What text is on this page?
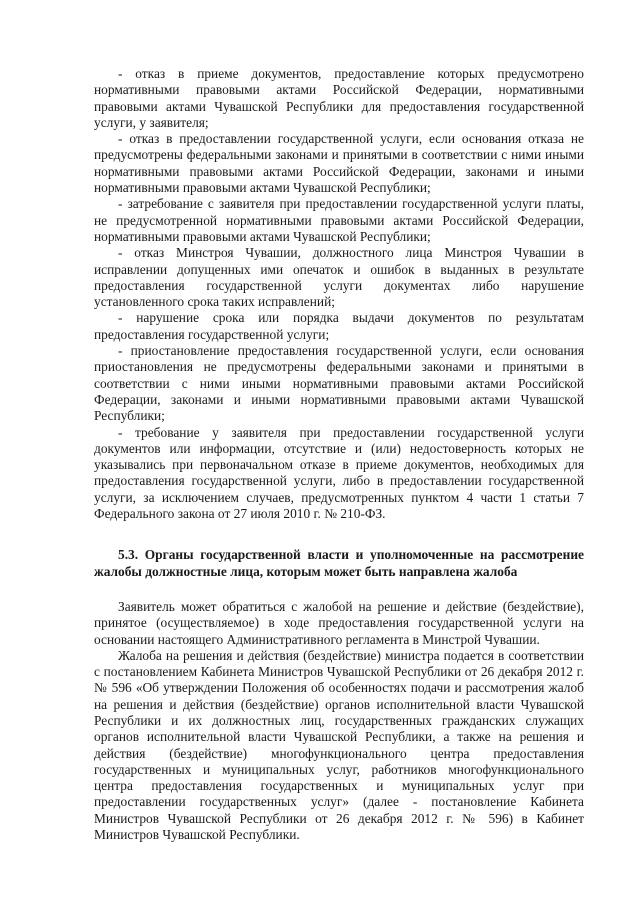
- отказ в приеме документов, предоставление которых предусмотрено нормативными правовыми актами Российской Федерации, нормативными правовыми актами Чувашской Республики для предоставления государственной услуги, у заявителя;

- отказ в предоставлении государственной услуги, если основания отказа не предусмотрены федеральными законами и принятыми в соответствии с ними иными нормативными правовыми актами Российской Федерации, законами и иными нормативными правовыми актами Чувашской Республики;

- затребование с заявителя при предоставлении государственной услуги платы, не предусмотренной нормативными правовыми актами Российской Федерации, нормативными правовыми актами Чувашской Республики;

- отказ Минстроя Чувашии, должностного лица Минстроя Чувашии в исправлении допущенных ими опечаток и ошибок в выданных в результате предоставления государственной услуги документах либо нарушение установленного срока таких исправлений;

- нарушение срока или порядка выдачи документов по результатам предоставления государственной услуги;

- приостановление предоставления государственной услуги, если основания приостановления не предусмотрены федеральными законами и принятыми в соответствии с ними иными нормативными правовыми актами Российской Федерации, законами и иными нормативными правовыми актами Чувашской Республики;

- требование у заявителя при предоставлении государственной услуги документов или информации, отсутствие и (или) недостоверность которых не указывались при первоначальном отказе в приеме документов, необходимых для предоставления государственной услуги, либо в предоставлении государственной услуги, за исключением случаев, предусмотренных пунктом 4 части 1 статьи 7 Федерального закона от 27 июля 2010 г. № 210-ФЗ.

5.3. Органы государственной власти и уполномоченные на рассмотрение жалобы должностные лица, которым может быть направлена жалоба

Заявитель может обратиться с жалобой на решение и действие (бездействие), принятое (осуществляемое) в ходе предоставления государственной услуги на основании настоящего Административного регламента в Минстрой Чувашии.

Жалоба на решения и действия (бездействие) министра подается в соответствии с постановлением Кабинета Министров Чувашской Республики от 26 декабря 2012 г. № 596 «Об утверждении Положения об особенностях подачи и рассмотрения жалоб на решения и действия (бездействие) органов исполнительной власти Чувашской Республики и их должностных лиц, государственных гражданских служащих органов исполнительной власти Чувашской Республики, а также на решения и действия (бездействие) многофункционального центра предоставления государственных и муниципальных услуг, работников многофункционального центра предоставления государственных и муниципальных услуг при предоставлении государственных услуг» (далее - постановление Кабинета Министров Чувашской Республики от 26 декабря 2012 г. № 596) в Кабинет Министров Чувашской Республики.
